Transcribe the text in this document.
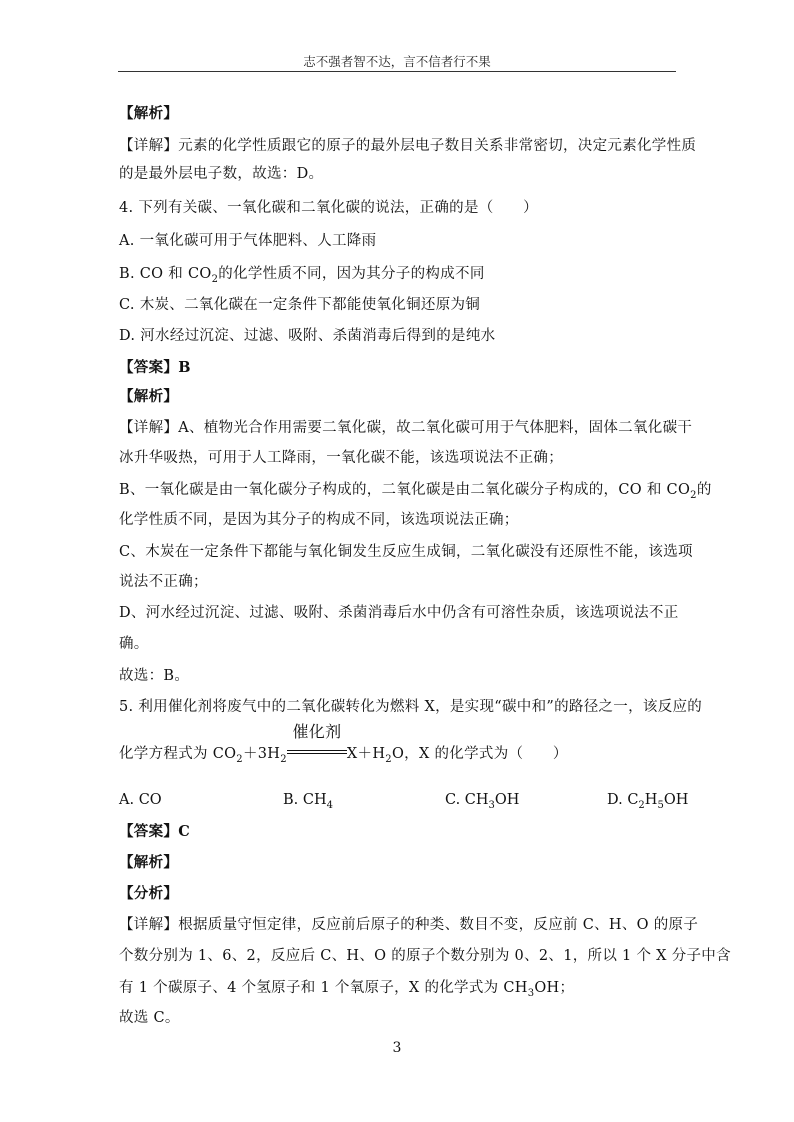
志不强者智不达，言不信者行不果
【解析】
【详解】元素的化学性质跟它的原子的最外层电子数目关系非常密切，决定元素化学性质
的是最外层电子数，故选：D。
4. 下列有关碳、一氧化碳和二氧化碳的说法，正确的是（　　）
A. 一氧化碳可用于气体肥料、人工降雨
B. CO 和 $CO_2$的化学性质不同，因为其分子的构成不同
C. 木炭、二氧化碳在一定条件下都能使氧化铜还原为铜
D. 河水经过沉淀、过滤、吸附、杀菌消毒后得到的是纯水
【答案】B
【解析】
【详解】A、植物光合作用需要二氧化碳，故二氧化碳可用于气体肥料，固体二氧化碳干
冰升华吸热，可用于人工降雨，一氧化碳不能，该选项说法不正确；
B、一氧化碳是由一氧化碳分子构成的，二氧化碳是由二氧化碳分子构成的，CO 和 $CO_2$的
化学性质不同，是因为其分子的构成不同，该选项说法正确；
C、木炭在一定条件下都能与氧化铜发生反应生成铜，二氧化碳没有还原性不能，该选项
说法不正确；
D、河水经过沉淀、过滤、吸附、杀菌消毒后水中仍含有可溶性杂质，该选项说法不正
确。
故选：B。
5. 利用催化剂将废气中的二氧化碳转化为燃料 X，是实现“碳中和”的路径之一，该反应的
化学方程式为 $CO_2+3H_2$
催化剂
$X+H_2O$，X 的化学式为（　　）
A. CO	B. $CH_4$	C. $CH_3OH$	D. $C_2H_5OH$
【答案】C
【解析】
【分析】
【详解】根据质量守恒定律，反应前后原子的种类、数目不变，反应前 C、H、O 的原子
个数分别为 1、6、2，反应后 C、H、O 的原子个数分别为 0、2、1，所以 1 个 X 分子中含
有 1 个碳原子、4 个氢原子和 1 个氧原子，X 的化学式为 $CH_3OH$；
故选 C。
3
